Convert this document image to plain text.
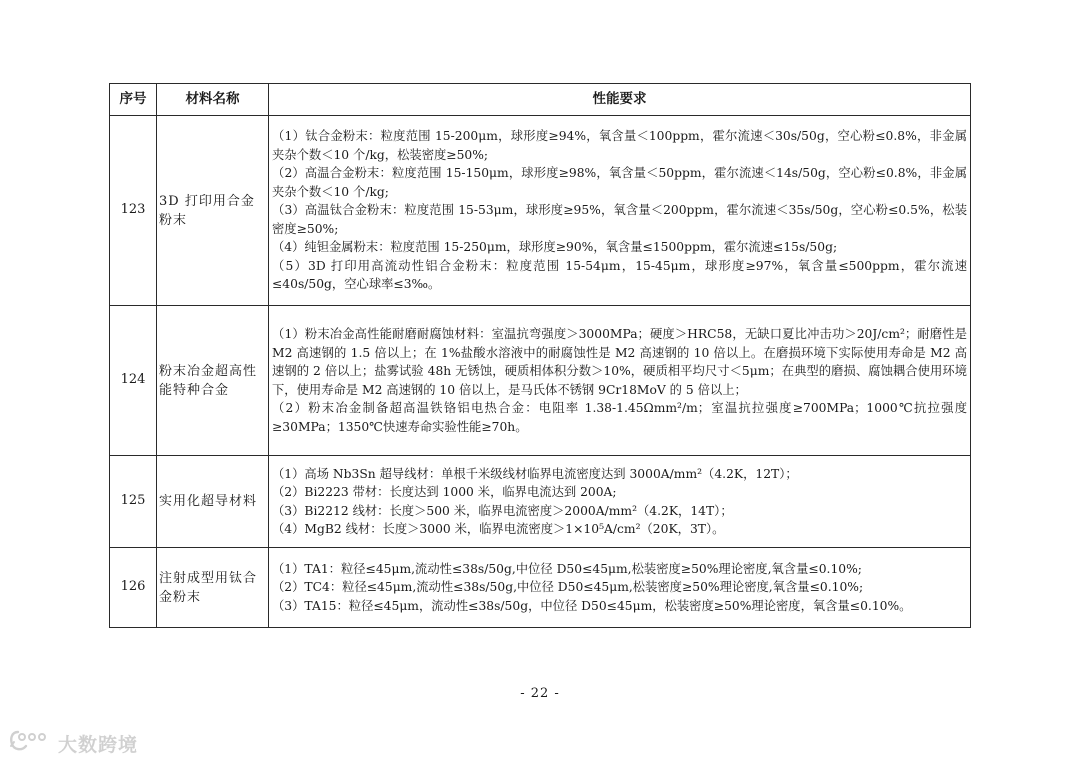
序号	材料名称	性能要求
123	3D 打印用合金粉末	（1）钛合金粉末：粒度范围 15-200μm，球形度≥94%，氧含量＜100ppm，霍尔流速＜30s/50g，空心粉≤0.8%，非金属夹杂个数＜10 个/kg，松装密度≥50%;
（2）高温合金粉末：粒度范围 15-150μm，球形度≥98%，氧含量＜50ppm，霍尔流速＜14s/50g，空心粉≤0.8%，非金属夹杂个数＜10 个/kg;
（3）高温钛合金粉末：粒度范围 15-53μm，球形度≥95%，氧含量＜200ppm，霍尔流速＜35s/50g，空心粉≤0.5%，松装密度≥50%;
（4）纯钽金属粉末：粒度范围 15-250μm，球形度≥90%，氧含量≤1500ppm，霍尔流速≤15s/50g;
（5）3D 打印用高流动性铝合金粉末：粒度范围 15-54μm，15-45μm，球形度≥97%，氧含量≤500ppm，霍尔流速≤40s/50g，空心球率≤3‰。

124	粉末冶金超高性能特种合金	（1）粉末冶金高性能耐磨耐腐蚀材料：室温抗弯强度＞3000MPa；硬度＞HRC58，无缺口夏比冲击功＞20J/cm²；耐磨性是 M2 高速钢的 1.5 倍以上；在 1%盐酸水溶液中的耐腐蚀性是 M2 高速钢的 10 倍以上。在磨损环境下实际使用寿命是 M2 高速钢的 2 倍以上；盐雾试验 48h 无锈蚀，硬质相体积分数＞10%，硬质相平均尺寸＜5μm；在典型的磨损、腐蚀耦合使用环境下，使用寿命是 M2 高速钢的 10 倍以上，是马氏体不锈钢 9Cr18MoV 的 5 倍以上；
（2）粉末冶金制备超高温铁铬铝电热合金：电阻率 1.38-1.45Ωmm²/m；室温抗拉强度≥700MPa；1000℃抗拉强度≥30MPa；1350℃快速寿命实验性能≥70h。

125	实用化超导材料	（1）高场 Nb3Sn 超导线材：单根千米级线材临界电流密度达到 3000A/mm²（4.2K，12T）；
（2）Bi2223 带材：长度达到 1000 米，临界电流达到 200A;
（3）Bi2212 线材：长度＞500 米，临界电流密度＞2000A/mm²（4.2K，14T）；
（4）MgB2 线材：长度＞3000 米，临界电流密度＞1×10⁵A/cm²（20K，3T）。

126	注射成型用钛合金粉末	（1）TA1：粒径≤45μm,流动性≤38s/50g,中位径 D50≤45μm,松装密度≥50%理论密度,氧含量≤0.10%;
（2）TC4：粒径≤45μm,流动性≤38s/50g,中位径 D50≤45μm,松装密度≥50%理论密度,氧含量≤0.10%;
（3）TA15：粒径≤45μm，流动性≤38s/50g，中位径 D50≤45μm，松装密度≥50%理论密度，氧含量≤0.10%。
- 22 -
大数跨境
